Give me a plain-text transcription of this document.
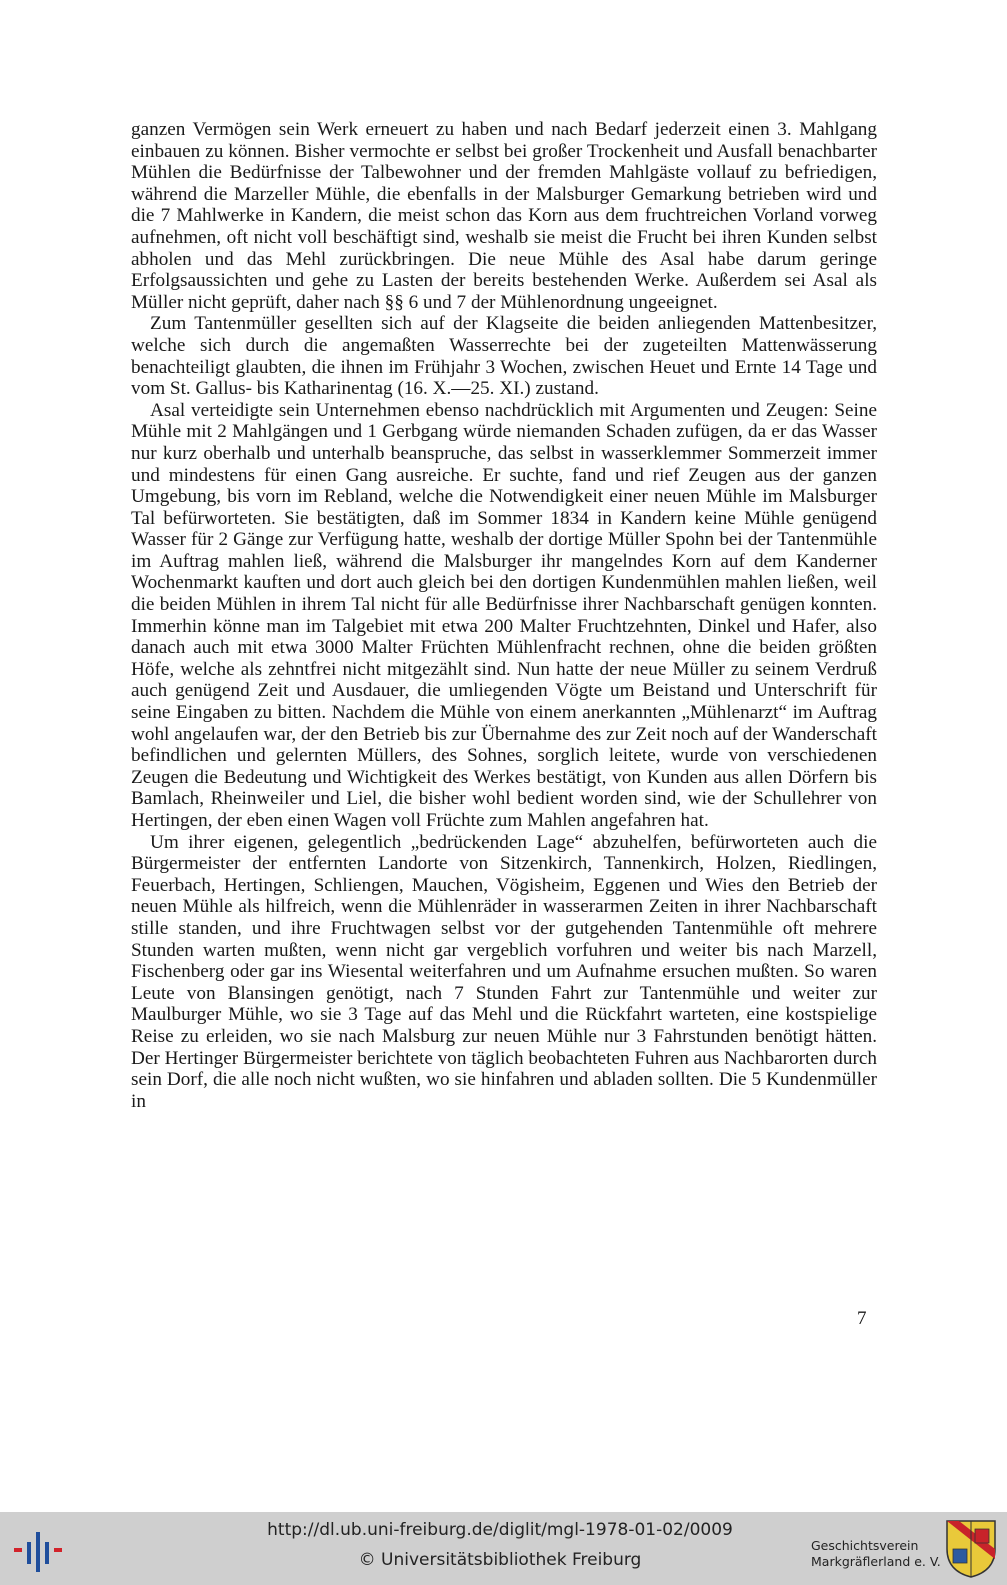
ganzen Vermögen sein Werk erneuert zu haben und nach Bedarf jederzeit einen 3. Mahlgang einbauen zu können. Bisher vermochte er selbst bei großer Trockenheit und Ausfall benachbarter Mühlen die Bedürfnisse der Talbewohner und der fremden Mahlgäste vollauf zu befriedigen, während die Marzeller Mühle, die ebenfalls in der Malsburger Gemarkung betrieben wird und die 7 Mahlwerke in Kandern, die meist schon das Korn aus dem fruchtreichen Vorland vorweg aufnehmen, oft nicht voll beschäftigt sind, weshalb sie meist die Frucht bei ihren Kunden selbst abholen und das Mehl zurückbringen. Die neue Mühle des Asal habe darum geringe Erfolgsaussichten und gehe zu Lasten der bereits bestehenden Werke. Außerdem sei Asal als Müller nicht geprüft, daher nach §§ 6 und 7 der Mühlenordnung ungeeignet.

Zum Tantenmüller gesellten sich auf der Klagseite die beiden anliegenden Mattenbesitzer, welche sich durch die angemaßten Wasserrechte bei der zugeteilten Mattenwässerung benachteiligt glaubten, die ihnen im Frühjahr 3 Wochen, zwischen Heuet und Ernte 14 Tage und vom St. Gallus- bis Katharinentag (16. X.—25. XI.) zustand.

Asal verteidigte sein Unternehmen ebenso nachdrücklich mit Argumenten und Zeugen: Seine Mühle mit 2 Mahlgängen und 1 Gerbgang würde niemanden Schaden zufügen, da er das Wasser nur kurz oberhalb und unterhalb beanspruche, das selbst in wasserklemmer Sommerzeit immer und mindestens für einen Gang ausreiche. Er suchte, fand und rief Zeugen aus der ganzen Umgebung, bis vorn im Rebland, welche die Notwendigkeit einer neuen Mühle im Malsburger Tal befürworteten. Sie bestätigten, daß im Sommer 1834 in Kandern keine Mühle genügend Wasser für 2 Gänge zur Verfügung hatte, weshalb der dortige Müller Spohn bei der Tantenmühle im Auftrag mahlen ließ, während die Malsburger ihr mangelndes Korn auf dem Kanderner Wochenmarkt kauften und dort auch gleich bei den dortigen Kundenmühlen mahlen ließen, weil die beiden Mühlen in ihrem Tal nicht für alle Bedürfnisse ihrer Nachbarschaft genügen konnten. Immerhin könne man im Talgebiet mit etwa 200 Malter Fruchtzehnten, Dinkel und Hafer, also danach auch mit etwa 3000 Malter Früchten Mühlenfracht rechnen, ohne die beiden größten Höfe, welche als zehntfrei nicht mitgezählt sind. Nun hatte der neue Müller zu seinem Verdruß auch genügend Zeit und Ausdauer, die umliegenden Vögte um Beistand und Unterschrift für seine Eingaben zu bitten. Nachdem die Mühle von einem anerkannten „Mühlenarzt“ im Auftrag wohl angelaufen war, der den Betrieb bis zur Übernahme des zur Zeit noch auf der Wanderschaft befindlichen und gelernten Müllers, des Sohnes, sorglich leitete, wurde von verschiedenen Zeugen die Bedeutung und Wichtigkeit des Werkes bestätigt, von Kunden aus allen Dörfern bis Bamlach, Rheinweiler und Liel, die bisher wohl bedient worden sind, wie der Schullehrer von Hertingen, der eben einen Wagen voll Früchte zum Mahlen angefahren hat.

Um ihrer eigenen, gelegentlich „bedrückenden Lage“ abzuhelfen, befürworteten auch die Bürgermeister der entfernten Landorte von Sitzenkirch, Tannenkirch, Holzen, Riedlingen, Feuerbach, Hertingen, Schliengen, Mauchen, Vögisheim, Eggenen und Wies den Betrieb der neuen Mühle als hilfreich, wenn die Mühlenräder in wasserarmen Zeiten in ihrer Nachbarschaft stille standen, und ihre Fruchtwagen selbst vor der gutgehenden Tantenmühle oft mehrere Stunden warten mußten, wenn nicht gar vergeblich vorfuhren und weiter bis nach Marzell, Fischenberg oder gar ins Wiesental weiterfahren und um Aufnahme ersuchen mußten. So waren Leute von Blansingen genötigt, nach 7 Stunden Fahrt zur Tantenmühle und weiter zur Maulburger Mühle, wo sie 3 Tage auf das Mehl und die Rückfahrt warteten, eine kostspielige Reise zu erleiden, wo sie nach Malsburg zur neuen Mühle nur 3 Fahrstunden benötigt hätten. Der Hertinger Bürgermeister berichtete von täglich beobachteten Fuhren aus Nachbarorten durch sein Dorf, die alle noch nicht wußten, wo sie hinfahren und abladen sollten. Die 5 Kundenmüller in

7
http://dl.ub.uni-freiburg.de/diglit/mgl-1978-01-02/0009
© Universitätsbibliothek Freiburg
Geschichtsverein
Markgräflerland e. V.
